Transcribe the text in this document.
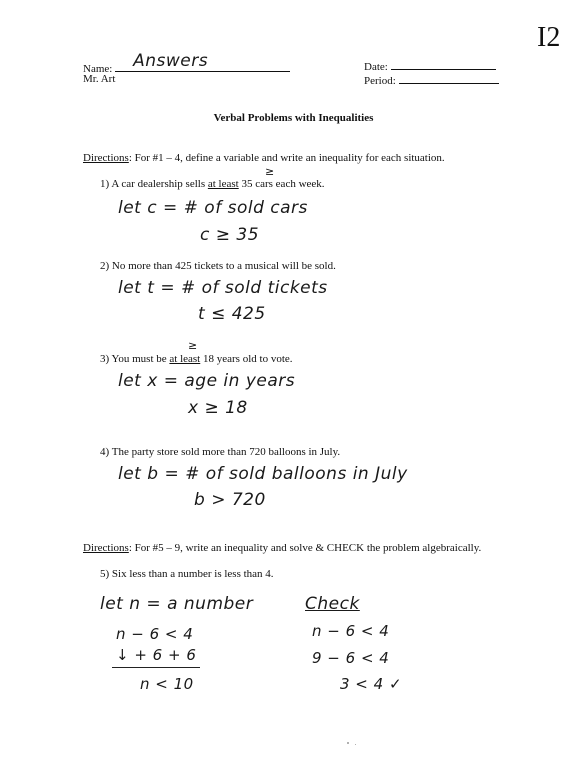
I2
Name: Answers
Mr. Art
Date:
Period:
Verbal Problems with Inequalities
Directions: For #1 – 4, define a variable and write an inequality for each situation.
≥
1) A car dealership sells at least 35 cars each week.
let c = # of sold cars
c ≥ 35
2) No more than 425 tickets to a musical will be sold.
let t = # of sold tickets
t ≤ 425
≥
3) You must be at least 18 years old to vote.
let x = age in years
x ≥ 18
4) The party store sold more than 720 balloons in July.
let b = # of sold balloons in July
b > 720
Directions: For #5 – 9, write an inequality and solve & CHECK the problem algebraically.
5) Six less than a number is less than 4.
let n = a number
n − 6 < 4
↓ + 6 + 6
n < 10
Check
n − 6 < 4
9 − 6 < 4
3 < 4 ✓
